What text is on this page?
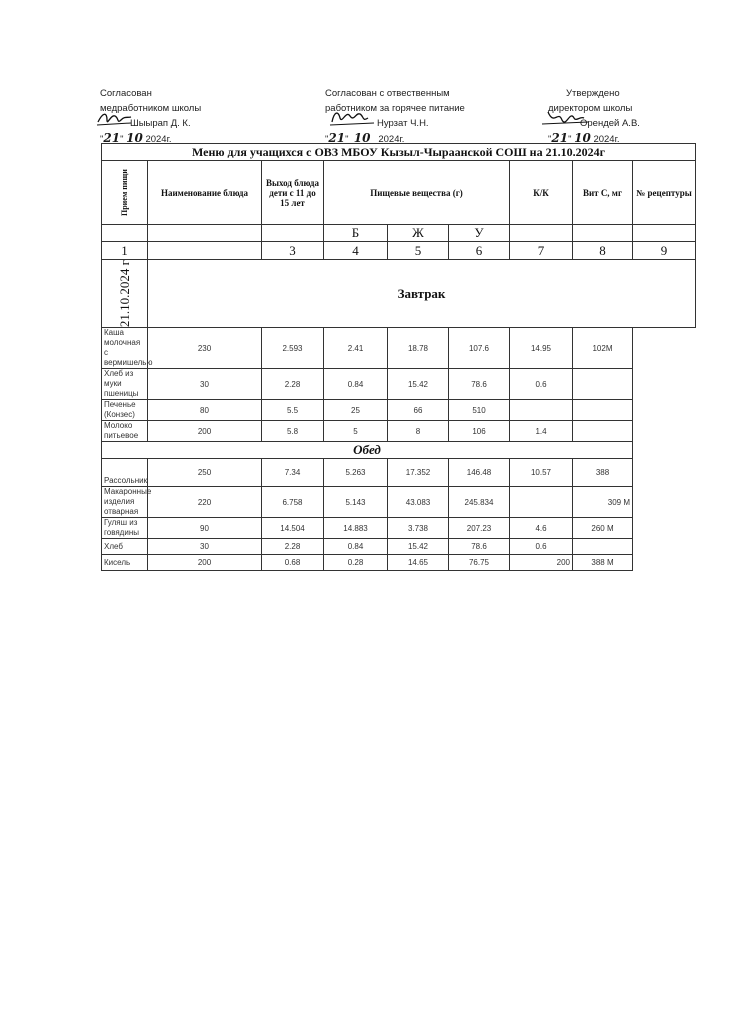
Согласован
медработником школы
Шыырап Д. К.
"21" 10 2024г.
Согласован с отвественным
работником за горячее питание
Нурзат Ч.Н.
"21"  10 2024г.
Утверждено
директором школы
Орендей А.В.
"21" 10 2024г.
Меню для учащихся с ОВЗ МБОУ Кызыл-Чыраанской СОШ на 21.10.2024г								

Прием пищи	Наименование блюда	Выход блюда дети с 11 до 15 лет	Пищевые вещества (г)			К/К	Вит С, мг	№ рецептуры
			Б	Ж	У			
1		3	4	5	6	7	8	9

21.10.2024 г	Завтрак							
Каша молочная с вермишелью	230	2.593	2.41	18.78	107.6	14.95	102М	
Хлеб из муки пшеницы	30	2.28	0.84	15.42	78.6	0.6		
Печенье (Конзес)	80	5.5	25	66	510			
Молоко питьевое	200	5.8	5	8	106	1.4		
Обед								
Рассольник	250	7.34	5.263	17.352	146.48	10.57	388	
Макаронные изделия отварная	220	6.758	5.143	43.083	245.834		309 М	
Гуляш из говядины	90	14.504	14.883	3.738	207.23	4.6	260 М	
Хлеб	30	2.28	0.84	15.42	78.6	0.6		
Кисель	200	0.68	0.28	14.65	76.75	200	388 М	
